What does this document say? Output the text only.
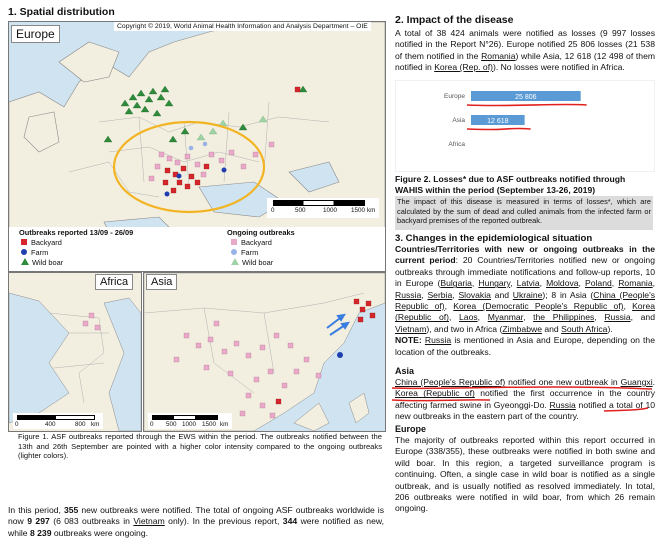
1. Spatial distribution
Europe
Copyright © 2019, World Animal Health Information and Analysis Department – OIE
0	500	1000 1500 km
Outbreaks reported 13/09 - 26/09
Backyard
Farm
Wild boar
Ongoing outbreaks
Backyard
Farm
Wild boar
Africa
0	400	800 km
Asia
0 500 1000 1500 km
Figure 1. ASF outbreaks reported through the EWS within the period. The outbreaks notified between the 13th and 26th September are pointed with a higher color intensity compared to the ongoing outbreaks (lighter colors).
In this period, 355 new outbreaks were notified. The total of ongoing ASF outbreaks worldwide is now 9 297 (6 083 outbreaks in Vietnam only). In the previous report, 344 were notified as new, while 8 239 outbreaks were ongoing.
2. Impact of the disease
A total of 38 424 animals were notified as losses (9 997 losses notified in the Report N°26). Europe notified 25 806 losses (21 538 of them notified in the Romania) while Asia, 12 618 (12 498 of them notified in Korea (Rep. of)). No losses were notified in Africa.
Europe	25 806
Asia	12 618
Africa
Figure 2. Losses* due to ASF outbreaks notified through WAHIS within the period (September 13-26, 2019)
The impact of this disease is measured in terms of losses*, which are calculated by the sum of dead and culled animals from the infected farm or backyard premises of the reported outbreak.
3. Changes in the epidemiological situation
Countries/Territories with new or ongoing outbreaks in the current period: 20 Countries/Territories notified new or ongoing outbreaks through immediate notifications and follow-up reports, 10 in Europe (Bulgaria, Hungary, Latvia, Moldova, Poland, Romania, Russia, Serbia, Slovakia and Ukraine); 8 in Asia (China (People's Republic of), Korea (Democratic People's Republic of), Korea (Republic of), Laos, Myanmar, the Philippines, Russia, and Vietnam), and two in Africa (Zimbabwe and South Africa).
NOTE: Russia is mentioned in Asia and Europe, depending on the location of the outbreaks.
Asia
China (People's Republic of) notified one new outbreak in Guangxi. Korea (Republic of) notified the first occurrence in the country affecting farmed swine in Gyeonggi-Do. Russia notified a total of 10 new outbreaks in the eastern part of the country.
Europe
The majority of outbreaks reported within this report occurred in Europe (338/355), these outbreaks were notified in both swine and wild boar. In this region, a targeted surveillance program is continuing. Often, a single case in wild boar is notified as a single outbreak, and is usually notified as resolved immediately. In total, 206 outbreaks were notified in wild boar, from which 26 remain ongoing.
